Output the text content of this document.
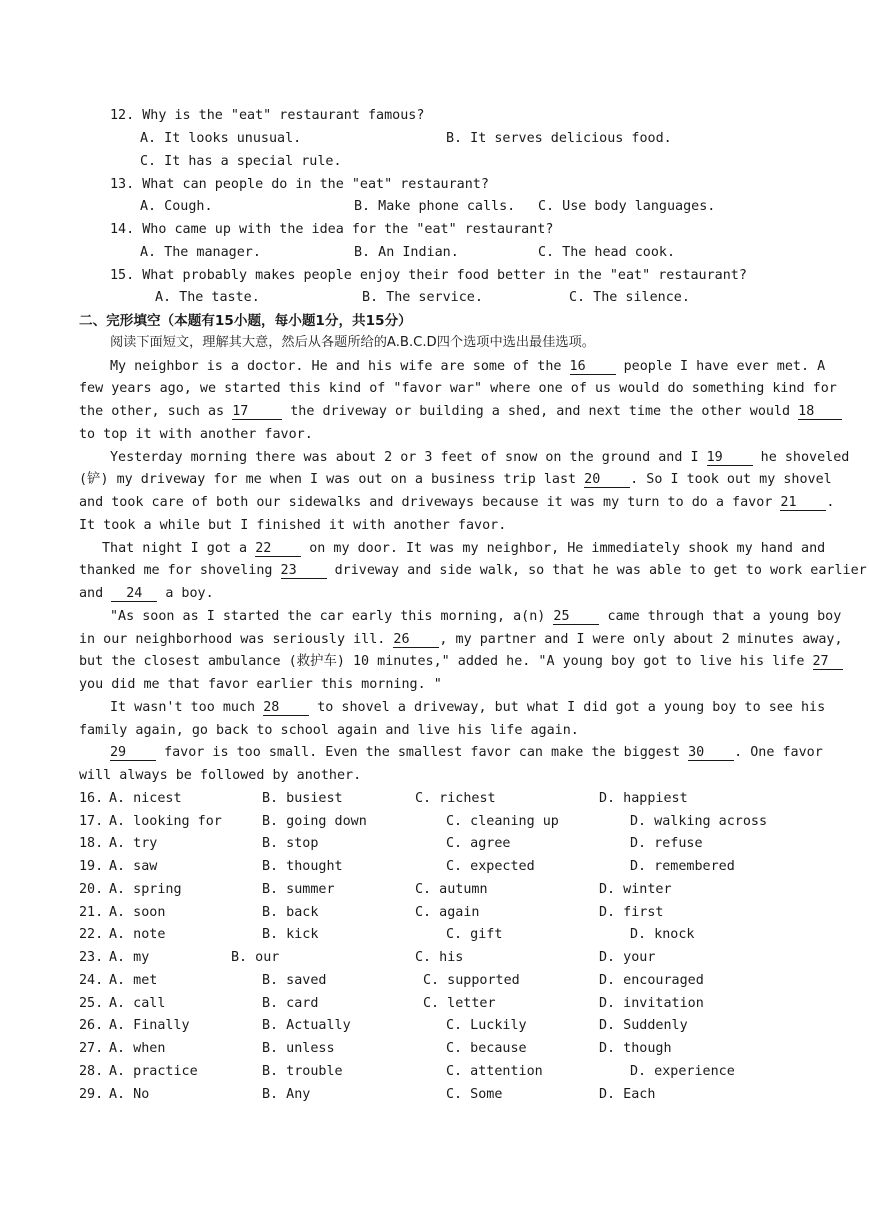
12. Why is the "eat" restaurant famous?
A. It looks unusual.	B. It serves delicious food.
C. It has a special rule.
13. What can people do in the "eat" restaurant?
A. Cough.	B. Make phone calls. C. Use body languages.
14. Who came up with the idea for the "eat" restaurant?
A. The manager.	B. An Indian.	C. The head cook.
15. What probably makes people enjoy their food better in the "eat" restaurant?
A. The taste.	B. The service.	C. The silence.
二、完形填空（本题有15小题，每小题1分，共15分）
阅读下面短文，理解其大意，然后从各题所给的A.B.C.D四个选项中选出最佳选项。
My neighbor is a doctor. He and his wife are some of the 16	people I have ever met. A
few years ago, we started this kind of "favor war" where one of us would do something kind for
the other, such as 17	the driveway or building a shed, and next time the other would 18
to top it with another favor.
Yesterday morning there was about 2 or 3 feet of snow on the ground and I 19	he shoveled
(铲) my driveway for me when I was out on a business trip last 20 . So I took out my shovel
and took care of both our sidewalks and driveways because it was my turn to do a favor 21 .
It took a while but I finished it with another favor.
That night I got a 22	on my door. It was my neighbor, He immediately shook my hand and
thanked me for shoveling 23	driveway and side walk, so that he was able to get to work earlier
and 24 a boy.
"As soon as I started the car early this morning, a(n) 25	came through that a young boy
in our neighborhood was seriously ill. 26 , my partner and I were only about 2 minutes away,
but the closest ambulance (救护车) 10 minutes," added he. "A young boy got to live his life 27
you did me that favor earlier this morning. "
It wasn't too much 28	to shovel a driveway, but what I did got a young boy to see his
family again, go back to school again and live his life again.
29	favor is too small. Even the smallest favor can make the biggest 30 . One favor
will always be followed by another.
16. A. nicest	B. busiest	C. richest	D. happiest
17. A. looking for	B. going down	C. cleaning up	D. walking across
18. A. try	B. stop	C. agree	D. refuse
19. A. saw	B. thought	C. expected	D. remembered
20. A. spring	B. summer	C. autumn	D. winter
21. A. soon	B. back	C. again	D. first
22. A. note	B. kick	C. gift	D. knock
23. A. my	B. our	C. his	D. your
24. A. met	B. saved	C. supported	D. encouraged
25. A. call	B. card	C. letter	D. invitation
26. A. Finally	B. Actually	C. Luckily	D. Suddenly
27. A. when	B. unless	C. because	D. though
28. A. practice	B. trouble	C. attention	D. experience
29. A. No	B. Any	C. Some	D. Each
